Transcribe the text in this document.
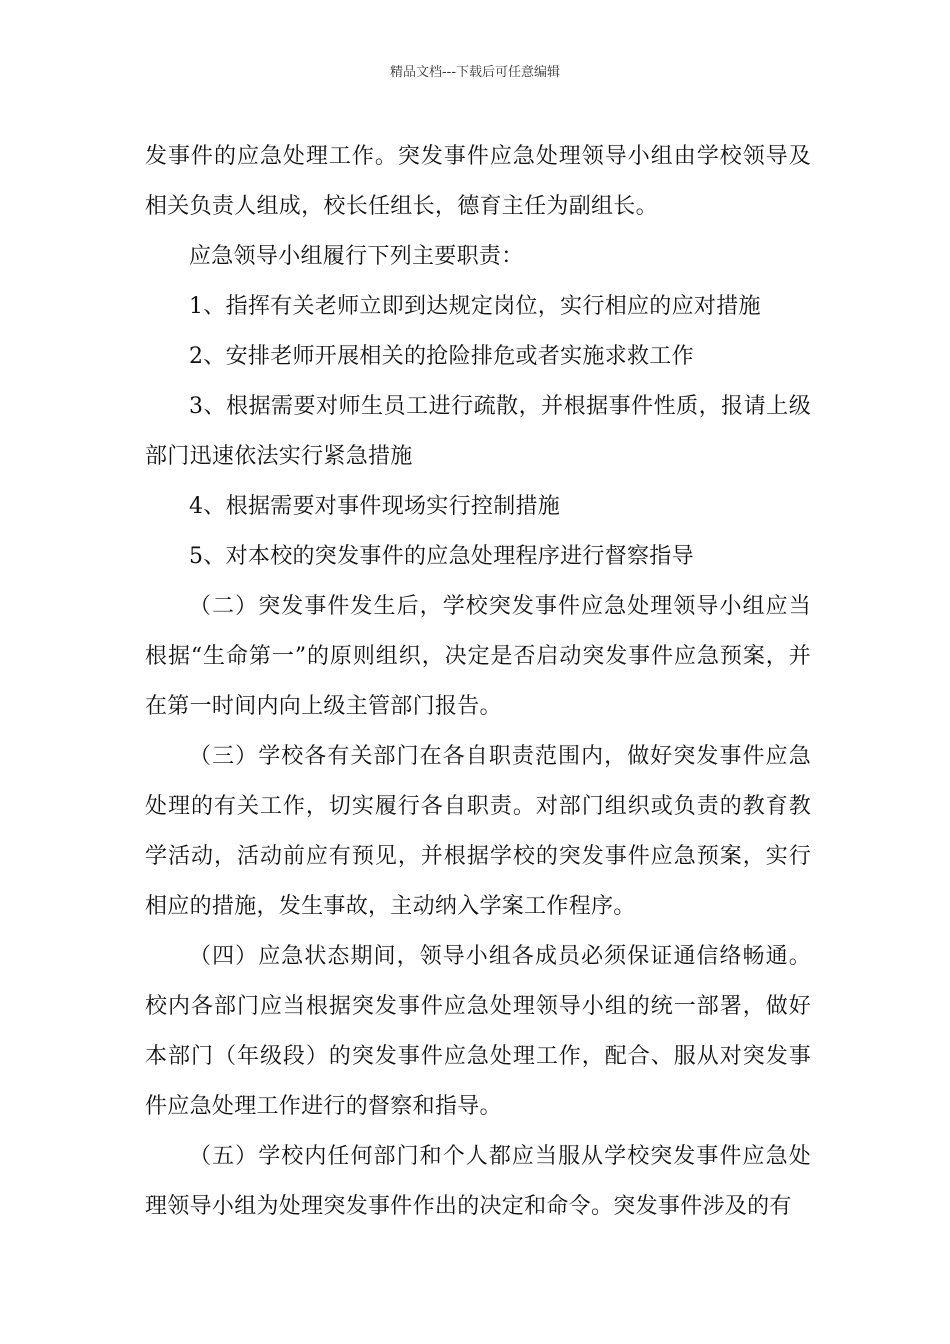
精品文档---下载后可任意编辑

发事件的应急处理工作。突发事件应急处理领导小组由学校领导及相关负责人组成，校长任组长，德育主任为副组长。

应急领导小组履行下列主要职责：

1、指挥有关老师立即到达规定岗位，实行相应的应对措施

2、安排老师开展相关的抢险排危或者实施求救工作

3、根据需要对师生员工进行疏散，并根据事件性质，报请上级部门迅速依法实行紧急措施

4、根据需要对事件现场实行控制措施

5、对本校的突发事件的应急处理程序进行督察指导

（二）突发事件发生后，学校突发事件应急处理领导小组应当根据“生命第一”的原则组织，决定是否启动突发事件应急预案，并在第一时间内向上级主管部门报告。

（三）学校各有关部门在各自职责范围内，做好突发事件应急处理的有关工作，切实履行各自职责。对部门组织或负责的教育教学活动，活动前应有预见，并根据学校的突发事件应急预案，实行相应的措施，发生事故，主动纳入学案工作程序。

（四）应急状态期间，领导小组各成员必须保证通信络畅通。校内各部门应当根据突发事件应急处理领导小组的统一部署，做好本部门（年级段）的突发事件应急处理工作，配合、服从对突发事件应急处理工作进行的督察和指导。

（五）学校内任何部门和个人都应当服从学校突发事件应急处理领导小组为处理突发事件作出的决定和命令。突发事件涉及的有
